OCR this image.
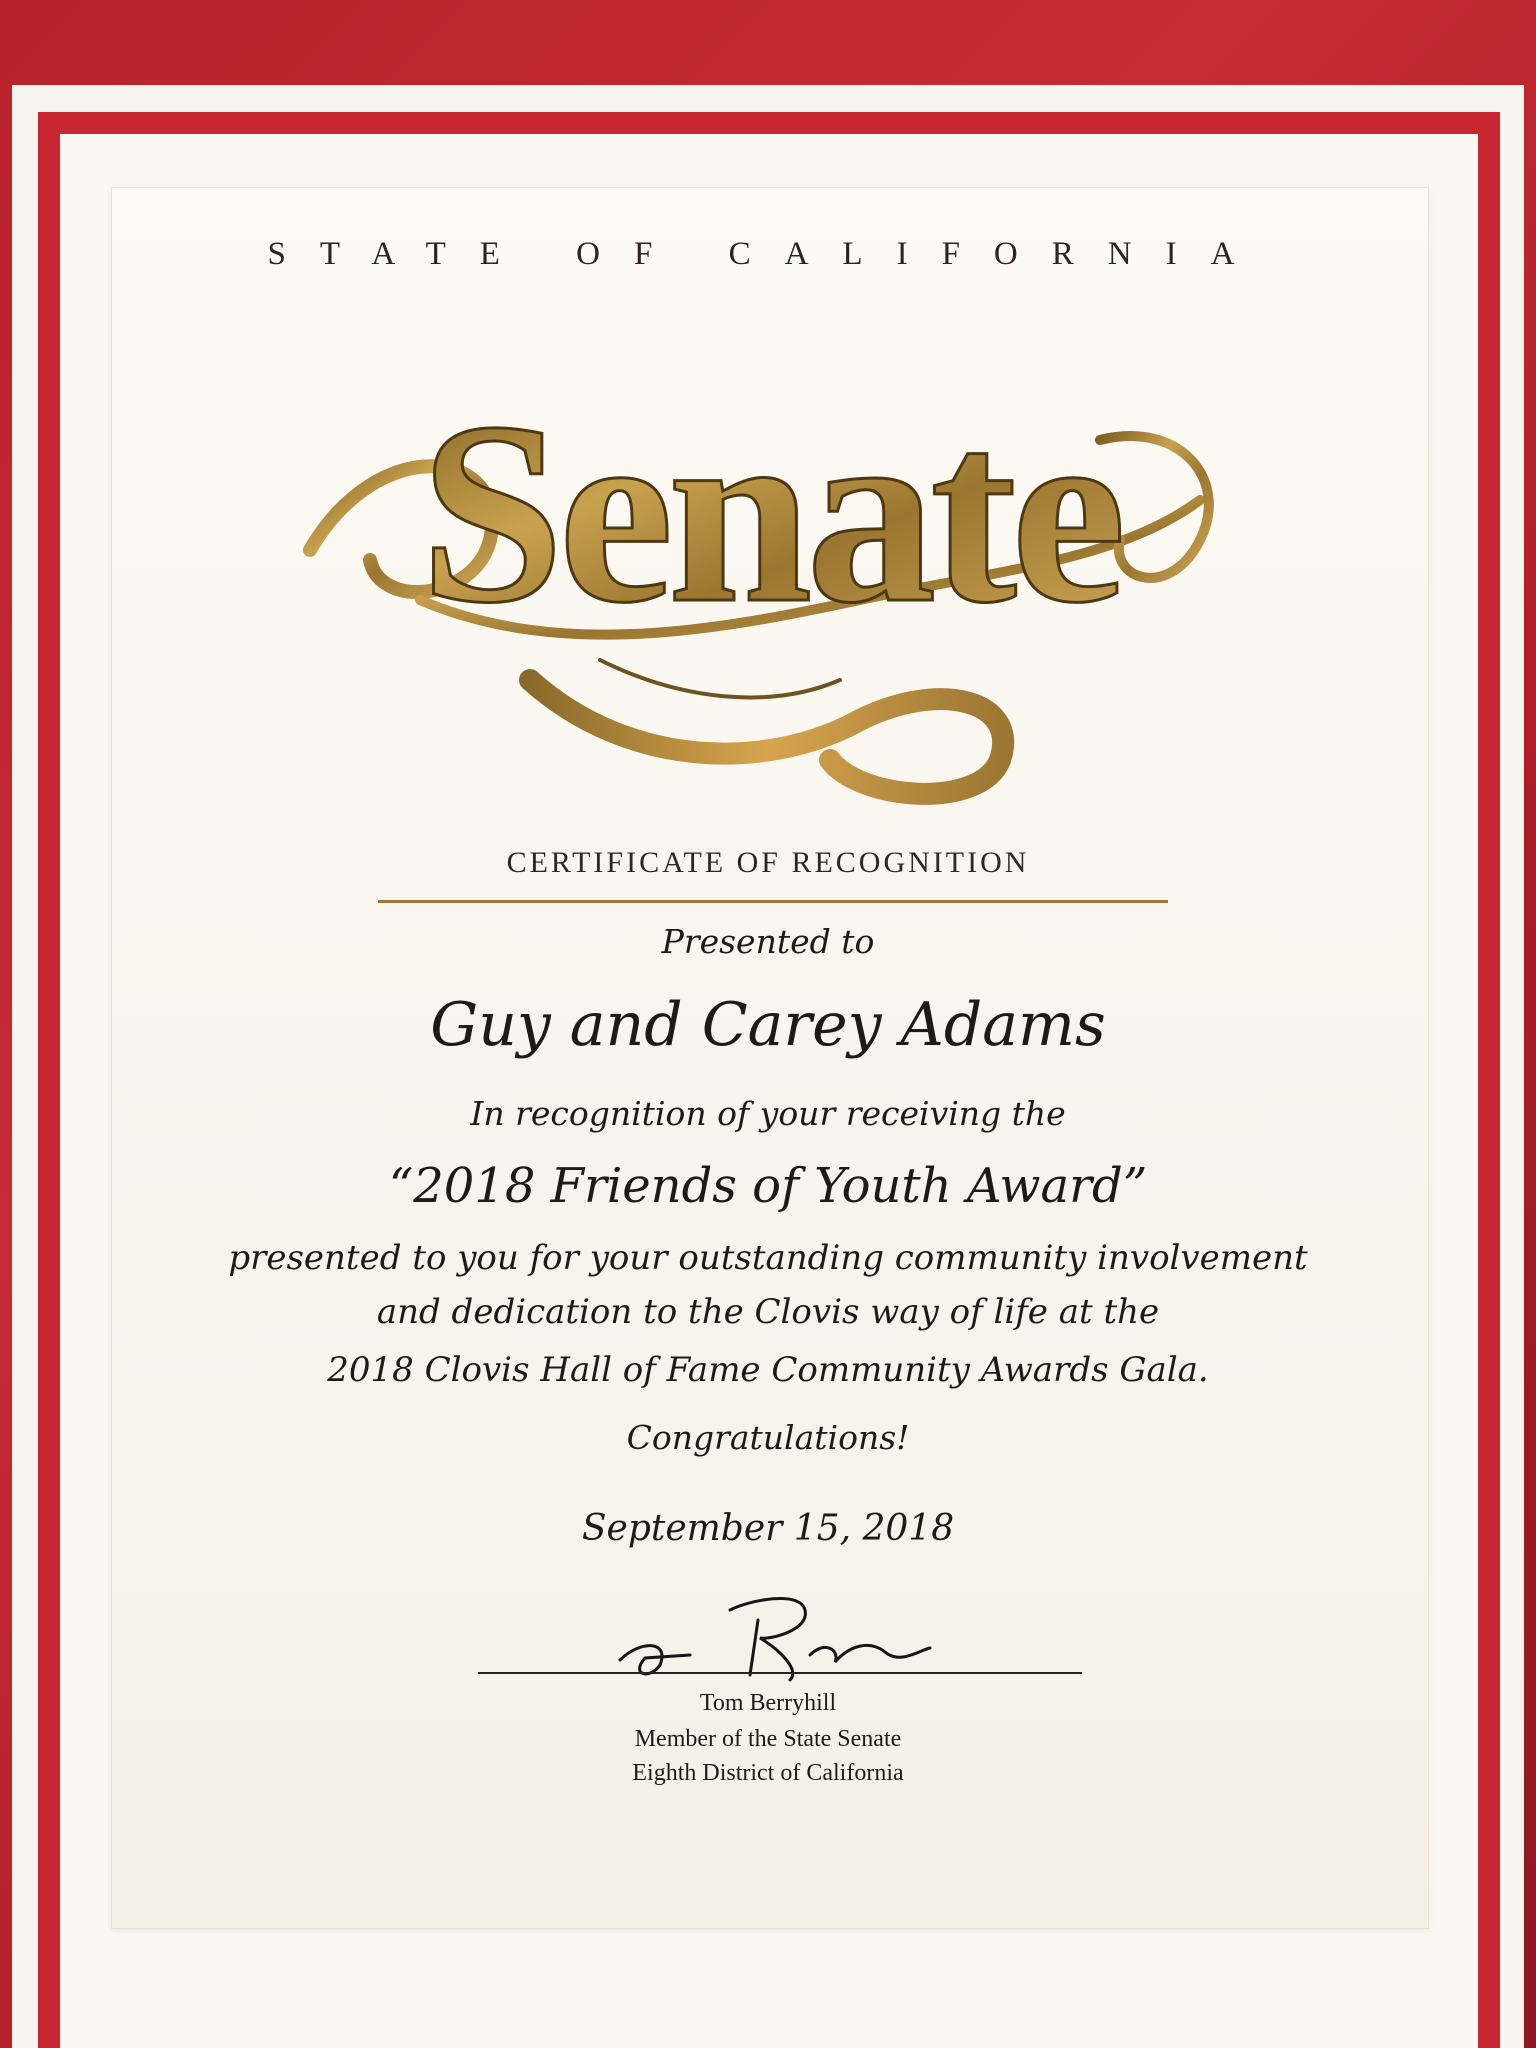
STATE OF CALIFORNIA
Senate
CERTIFICATE OF RECOGNITION
Presented to
Guy and Carey Adams
In recognition of your receiving the
“2018 Friends of Youth Award”
presented to you for your outstanding community involvement
and dedication to the Clovis way of life at the
2018 Clovis Hall of Fame Community Awards Gala.
Congratulations!
September 15, 2018
Tom Berryhill
Member of the State Senate
Eighth District of California
